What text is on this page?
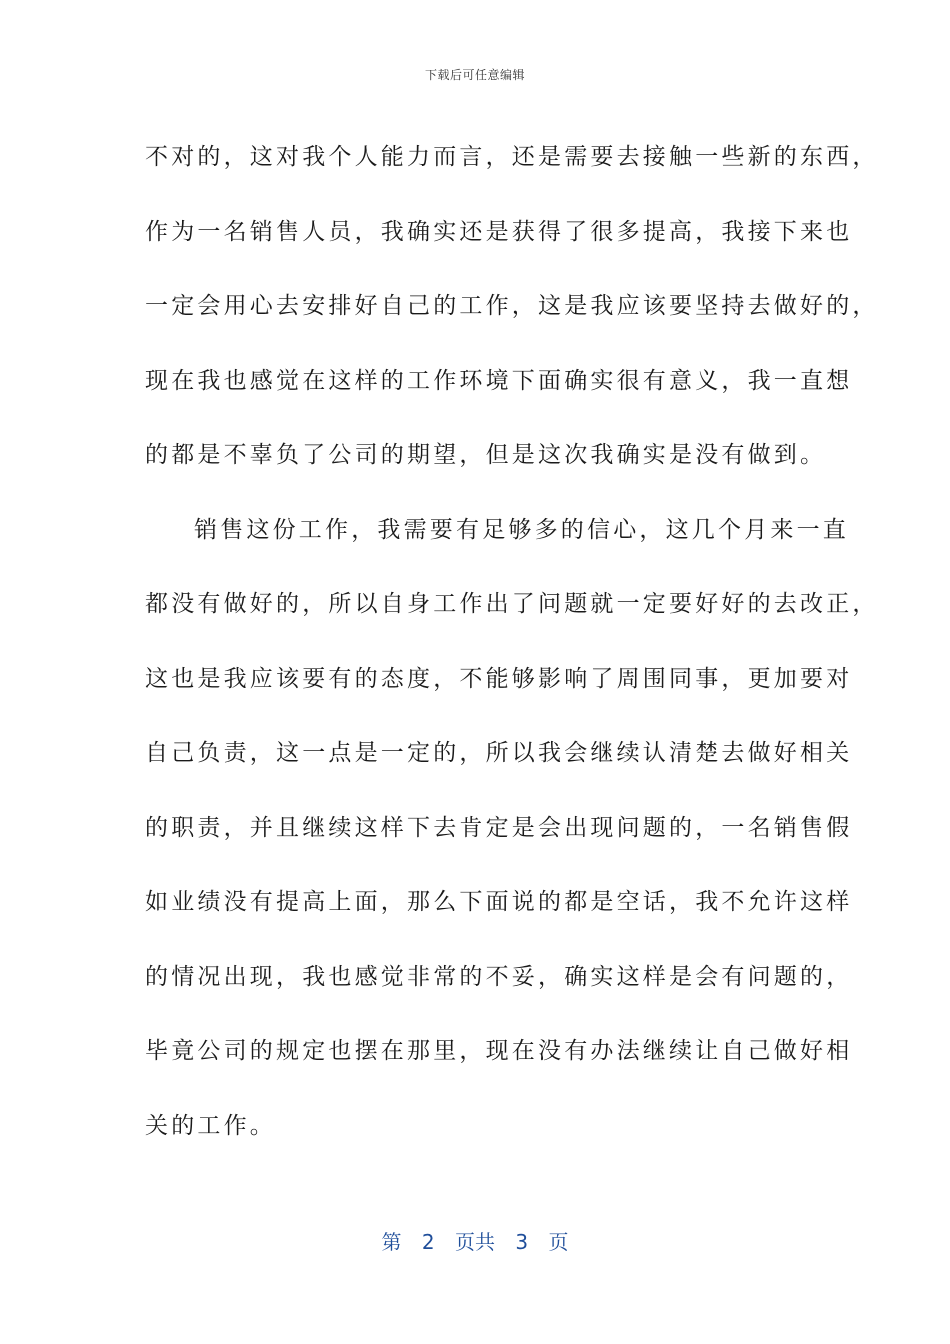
下载后可任意编辑

不对的，这对我个人能力而言，还是需要去接触一些新的东西，
作为一名销售人员，我确实还是获得了很多提高，我接下来也
一定会用心去安排好自己的工作，这是我应该要坚持去做好的，
现在我也感觉在这样的工作环境下面确实很有意义，我一直想
的都是不辜负了公司的期望，但是这次我确实是没有做到。

销售这份工作，我需要有足够多的信心，这几个月来一直
都没有做好的，所以自身工作出了问题就一定要好好的去改正，
这也是我应该要有的态度，不能够影响了周围同事，更加要对
自己负责，这一点是一定的，所以我会继续认清楚去做好相关
的职责，并且继续这样下去肯定是会出现问题的，一名销售假
如业绩没有提高上面，那么下面说的都是空话，我不允许这样
的情况出现，我也感觉非常的不妥，确实这样是会有问题的，
毕竟公司的规定也摆在那里，现在没有办法继续让自己做好相
关的工作。

第 2 页共 3 页
